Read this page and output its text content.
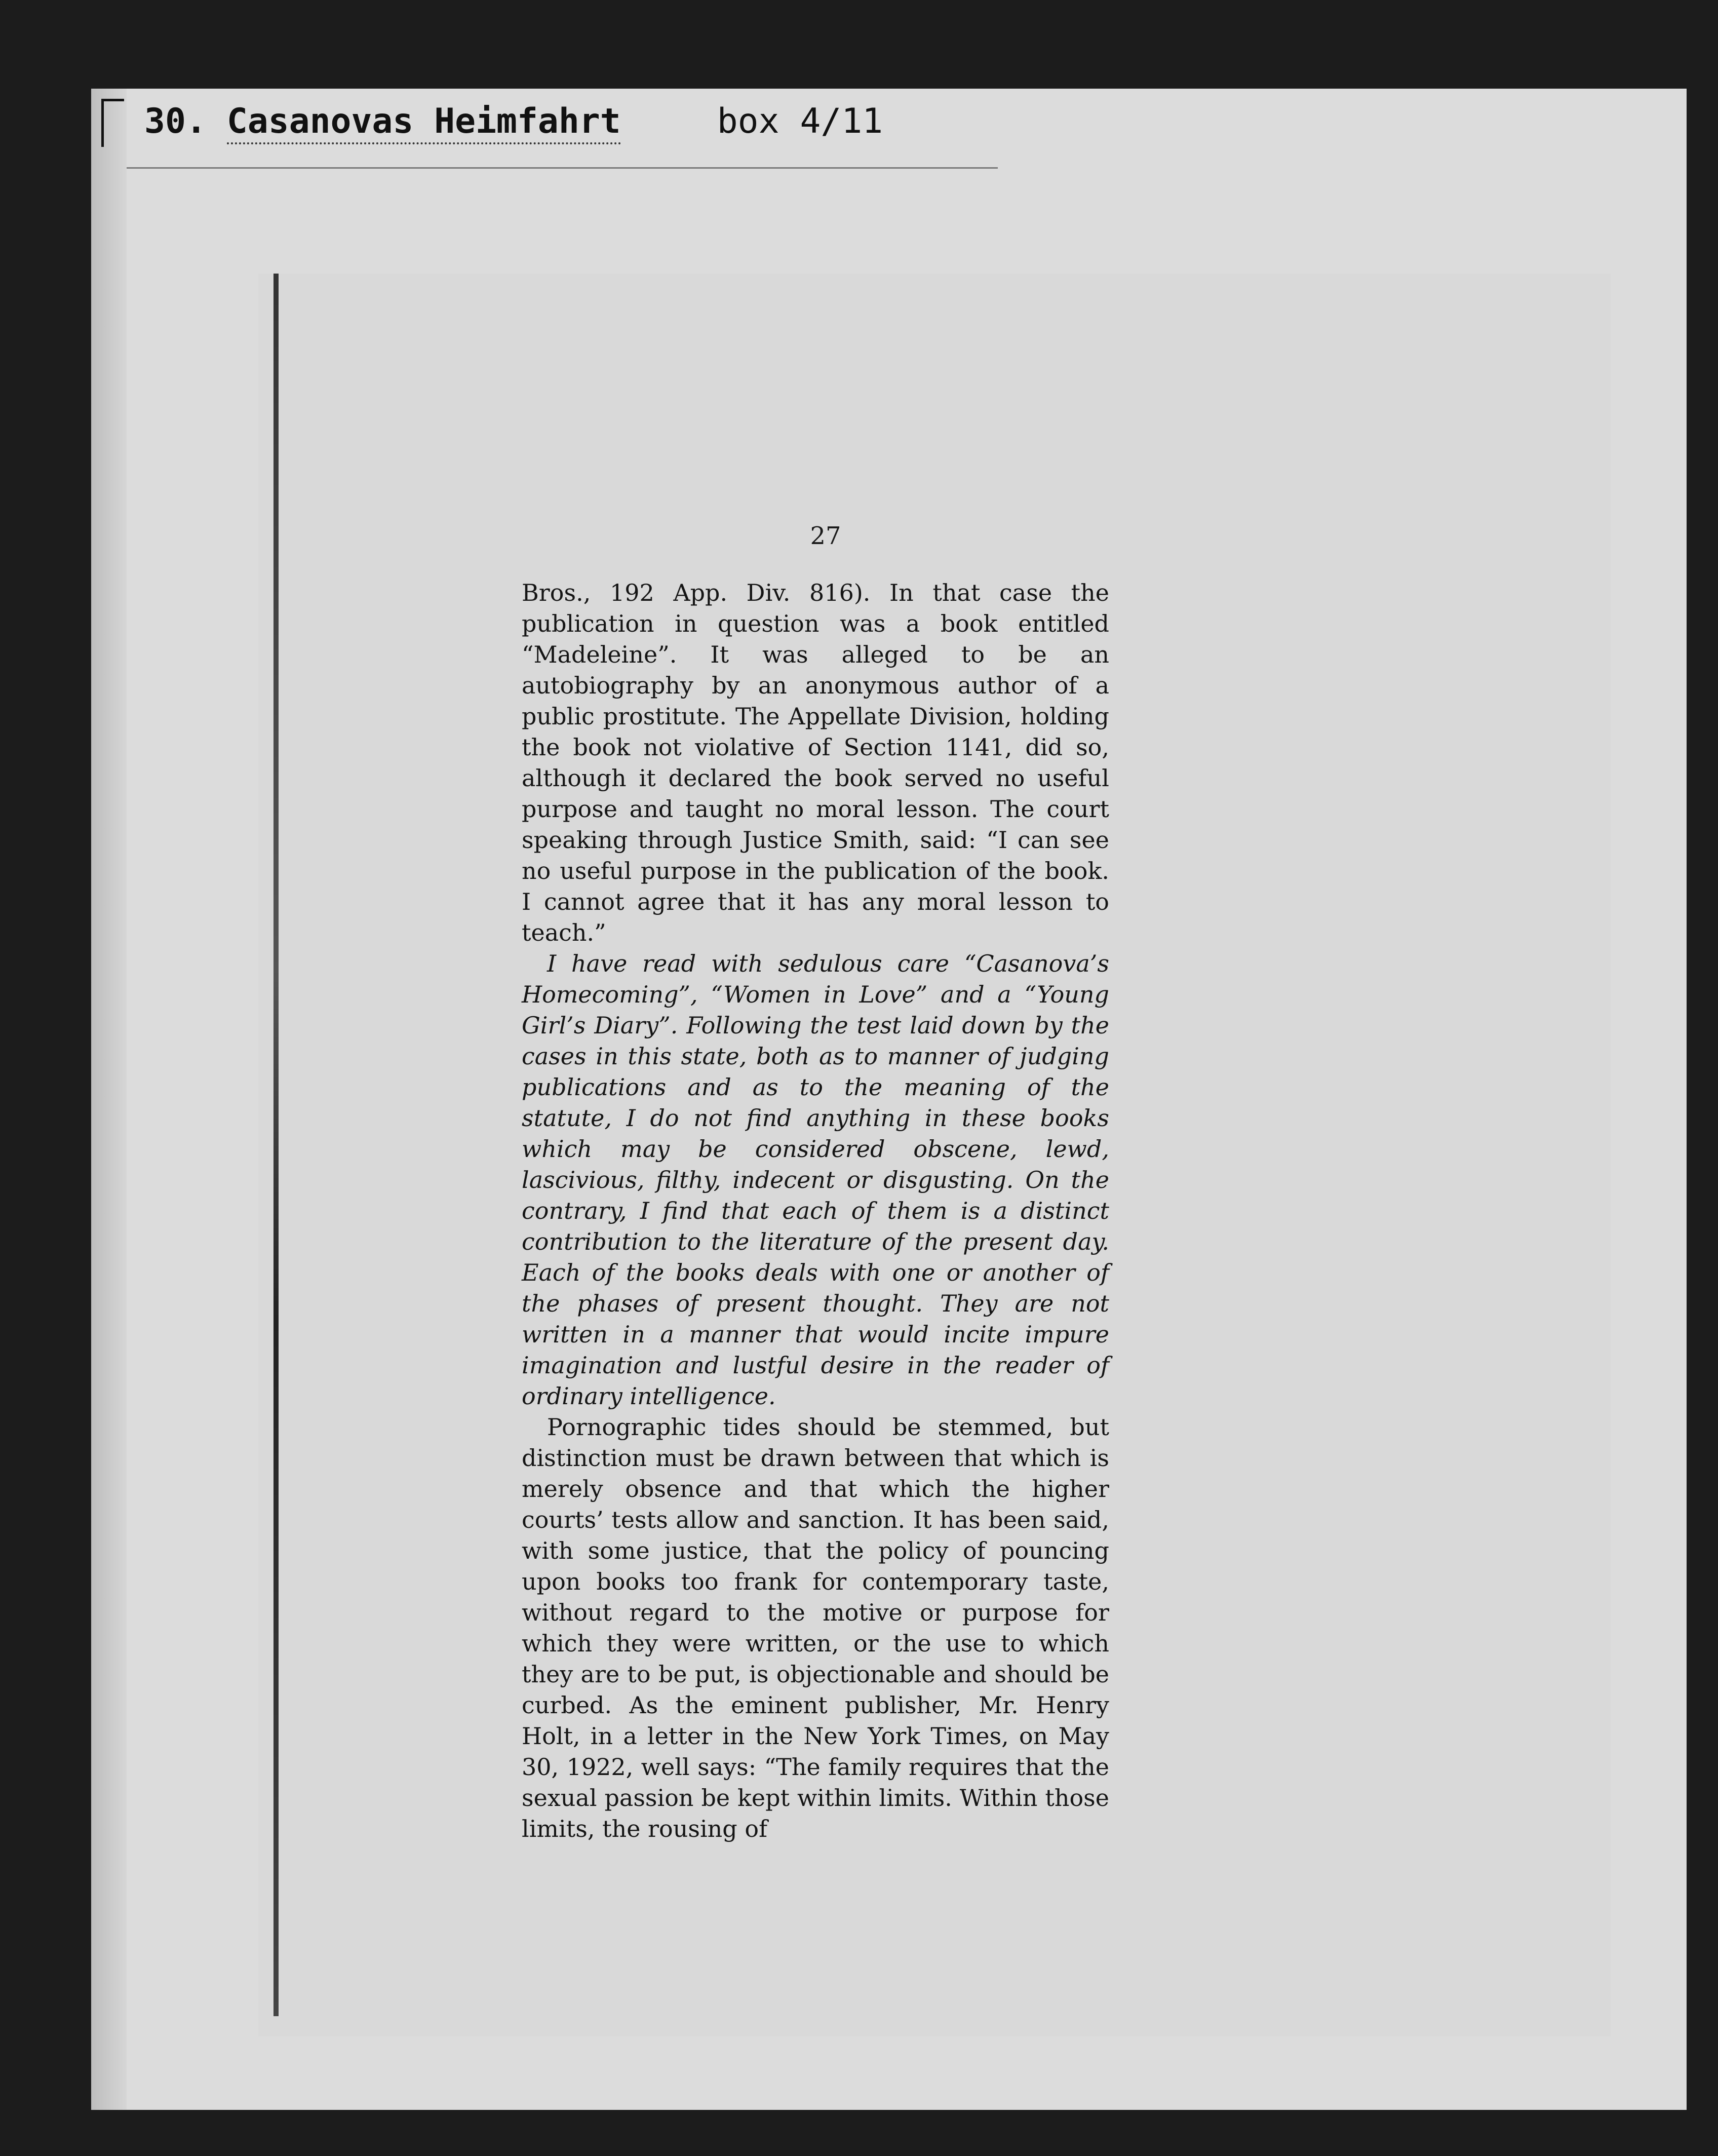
30. Casanovas Heimfahrt	box 4/11
27

Bros., 192 App. Div. 816). In that case the publication in question was a book entitled “Madeleine”. It was alleged to be an autobiography by an anonymous author of a public prostitute. The Appellate Division, holding the book not violative of Section 1141, did so, although it declared the book served no useful purpose and taught no moral lesson. The court speaking through Justice Smith, said: “I can see no useful purpose in the publication of the book. I cannot agree that it has any moral lesson to teach.”

I have read with sedulous care “Casanova’s Homecoming”, “Women in Love” and a “Young Girl’s Diary”. Following the test laid down by the cases in this state, both as to manner of judging publications and as to the meaning of the statute, I do not find anything in these books which may be considered obscene, lewd, lascivious, filthy, indecent or disgusting. On the contrary, I find that each of them is a distinct contribution to the literature of the present day. Each of the books deals with one or another of the phases of present thought. They are not written in a manner that would incite impure imagination and lustful desire in the reader of ordinary intelligence.

Pornographic tides should be stemmed, but distinction must be drawn between that which is merely obsence and that which the higher courts’ tests allow and sanction. It has been said, with some justice, that the policy of pouncing upon books too frank for contemporary taste, without regard to the motive or purpose for which they were written, or the use to which they are to be put, is objectionable and should be curbed. As the eminent publisher, Mr. Henry Holt, in a letter in the New York Times, on May 30, 1922, well says: “The family requires that the sexual passion be kept within limits. Within those limits, the rousing of
